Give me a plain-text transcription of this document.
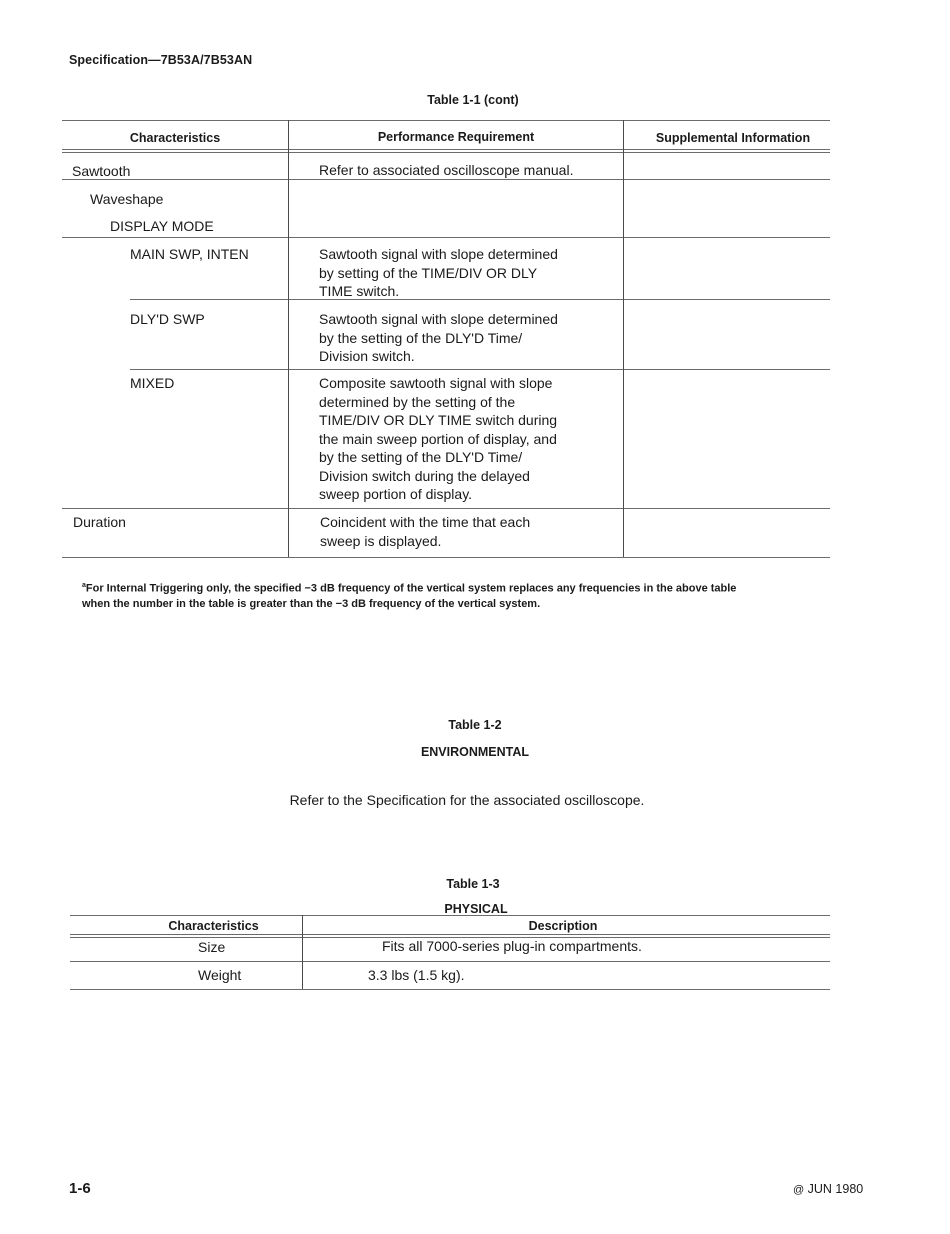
Specification—7B53A/7B53AN
Table 1-1 (cont)
Characteristics	Performance Requirement	Supplemental Information
Sawtooth	Refer to associated oscilloscope manual.
Waveshape
DISPLAY MODE
MAIN SWP, INTEN	Sawtooth signal with slope determined
by setting of the TIME/DIV OR DLY
TIME switch.
DLY'D SWP	Sawtooth signal with slope determined
by the setting of the DLY'D Time/
Division switch.
MIXED	Composite sawtooth signal with slope
determined by the setting of the
TIME/DIV OR DLY TIME switch during
the main sweep portion of display, and
by the setting of the DLY'D Time/
Division switch during the delayed
sweep portion of display.
Duration	Coincident with the time that each
sweep is displayed.
$^a$For Internal Triggering only, the specified −3 dB frequency of the vertical system replaces any frequencies in the above table
when the number in the table is greater than the −3 dB frequency of the vertical system.
Table 1-2
ENVIRONMENTAL
Refer to the Specification for the associated oscilloscope.
Table 1-3
PHYSICAL
Characteristics	Description
Size	Fits all 7000-series plug-in compartments.
Weight	3.3 lbs (1.5 kg).
1-6	@ JUN 1980
